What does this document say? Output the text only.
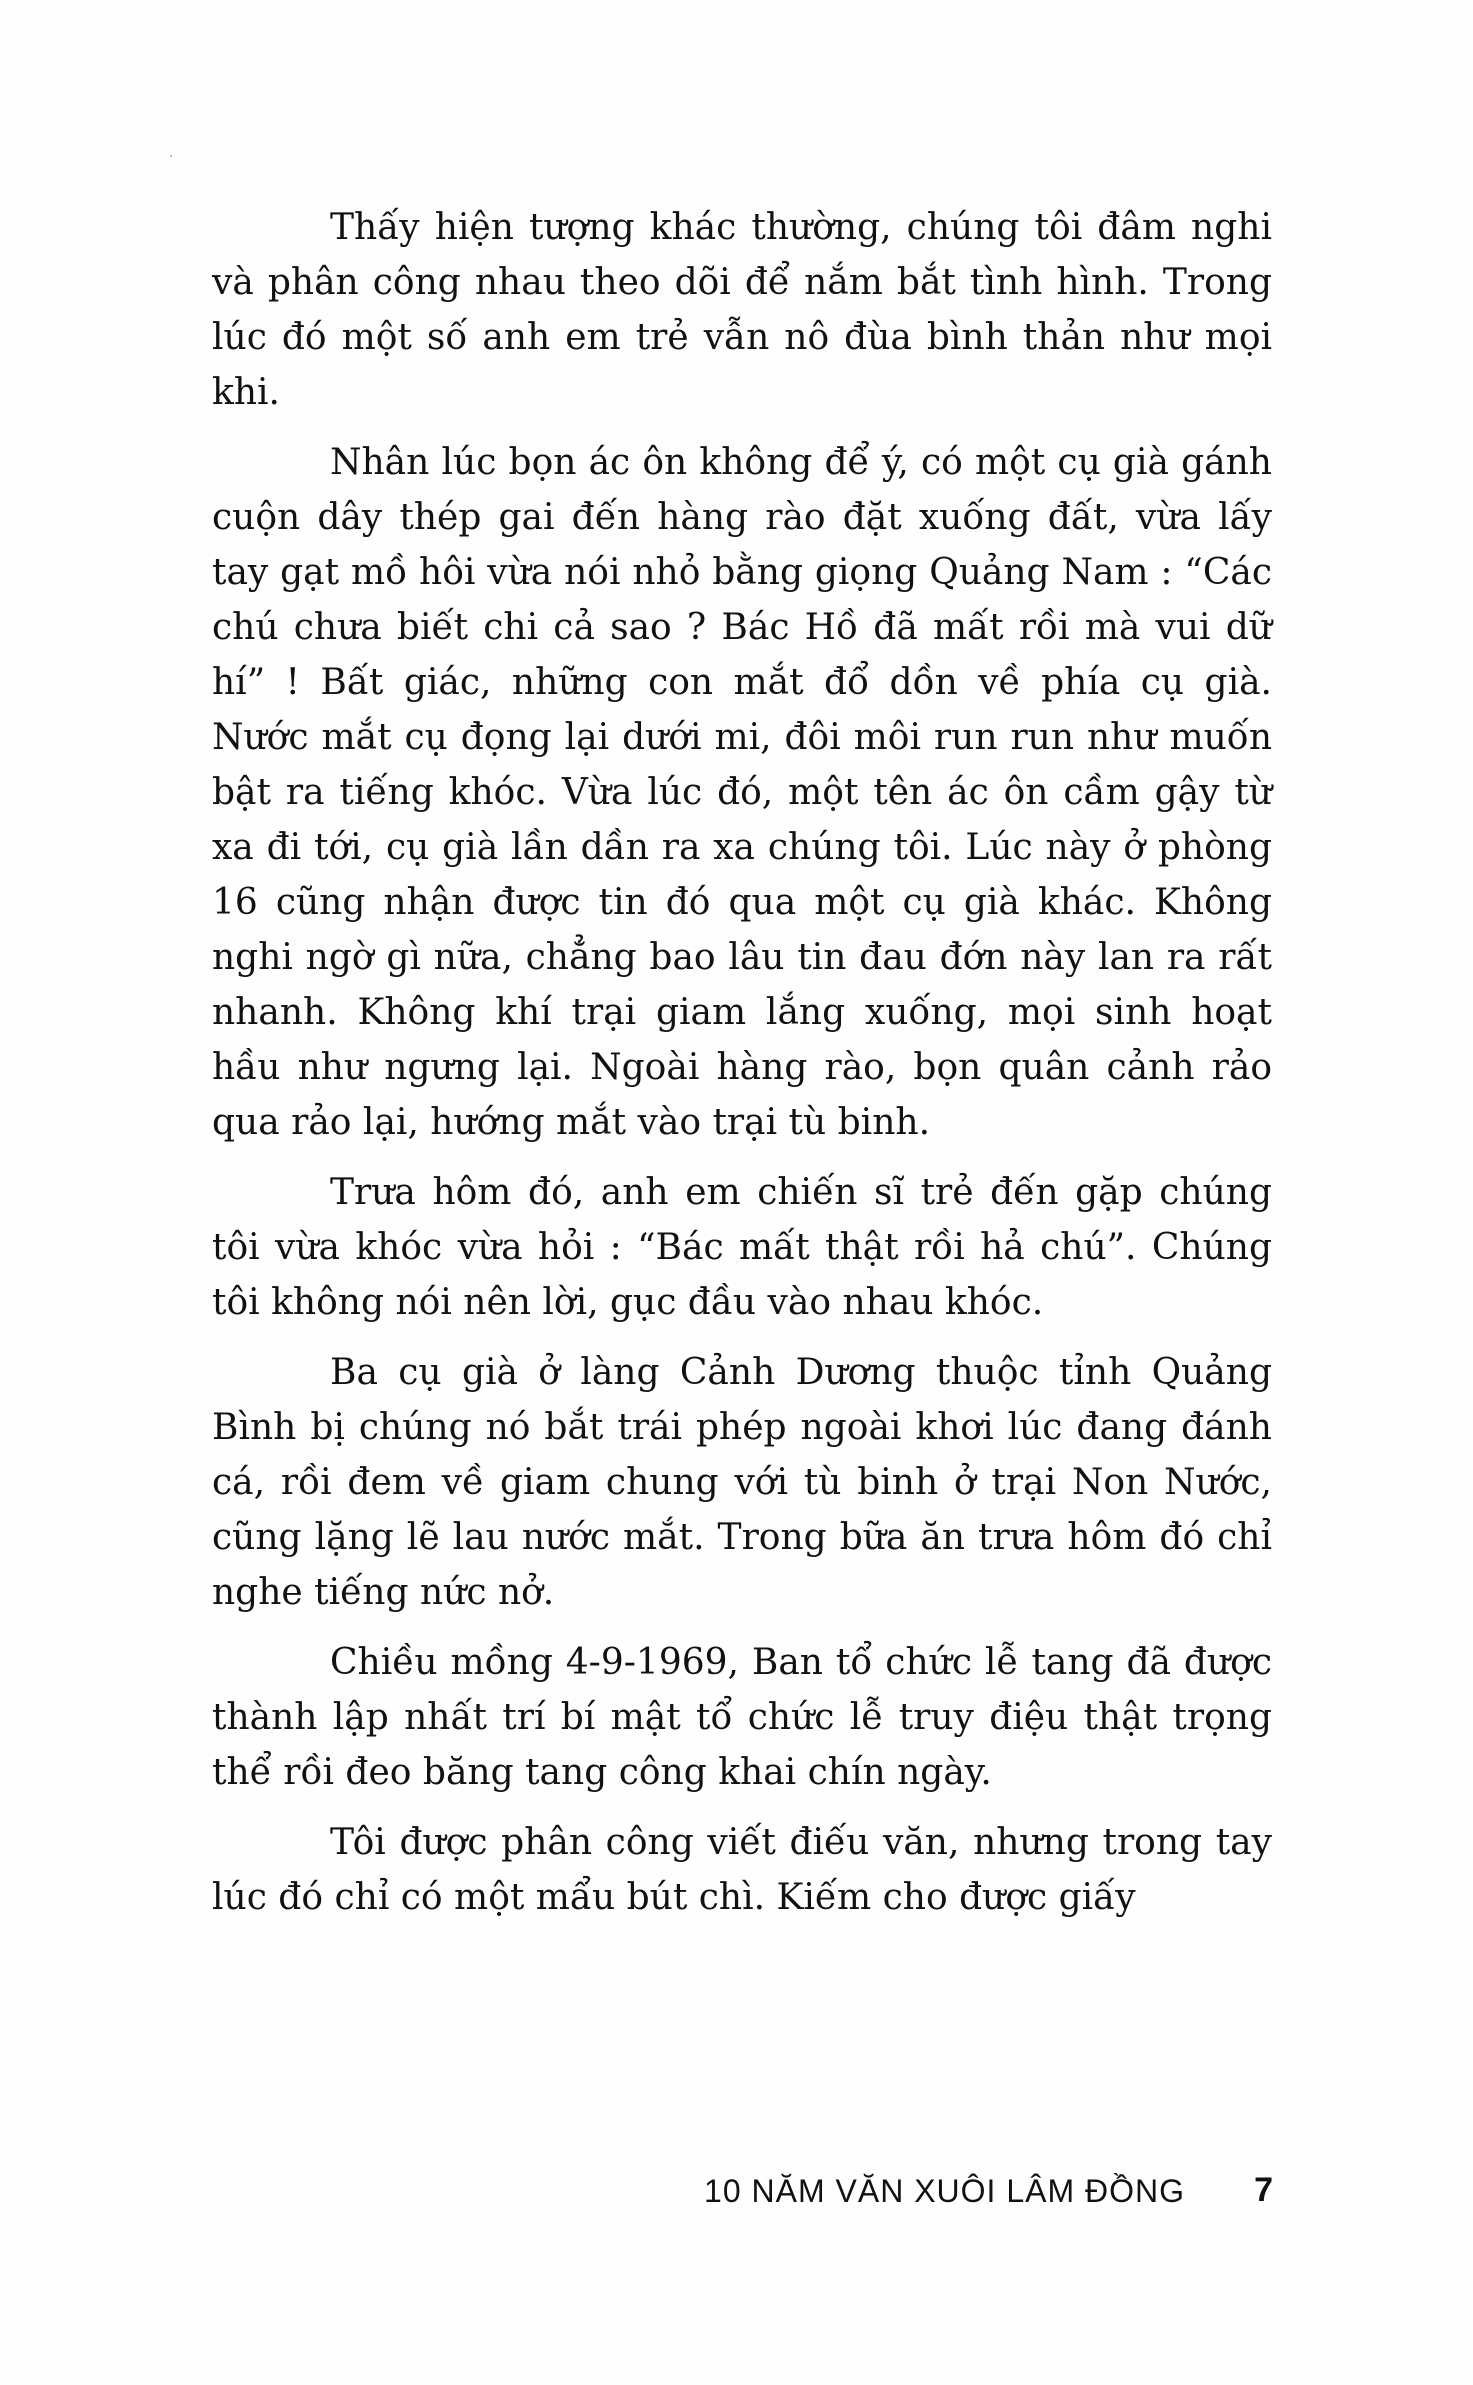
Thấy hiện tượng khác thường, chúng tôi đâm nghi và phân công nhau theo dõi để nắm bắt tình hình. Trong lúc đó một số anh em trẻ vẫn nô đùa bình thản như mọi khi.

Nhân lúc bọn ác ôn không để ý, có một cụ già gánh cuộn dây thép gai đến hàng rào đặt xuống đất, vừa lấy tay gạt mồ hôi vừa nói nhỏ bằng giọng Quảng Nam : “Các chú chưa biết chi cả sao ? Bác Hồ đã mất rồi mà vui dữ hí” ! Bất giác, những con mắt đổ dồn về phía cụ già. Nước mắt cụ đọng lại dưới mi, đôi môi run run như muốn bật ra tiếng khóc. Vừa lúc đó, một tên ác ôn cầm gậy từ xa đi tới, cụ già lần dần ra xa chúng tôi. Lúc này ở phòng 16 cũng nhận được tin đó qua một cụ già khác. Không nghi ngờ gì nữa, chẳng bao lâu tin đau đớn này lan ra rất nhanh. Không khí trại giam lắng xuống, mọi sinh hoạt hầu như ngưng lại. Ngoài hàng rào, bọn quân cảnh rảo qua rảo lại, hướng mắt vào trại tù binh.

Trưa hôm đó, anh em chiến sĩ trẻ đến gặp chúng tôi vừa khóc vừa hỏi : “Bác mất thật rồi hả chú”. Chúng tôi không nói nên lời, gục đầu vào nhau khóc.

Ba cụ già ở làng Cảnh Dương thuộc tỉnh Quảng Bình bị chúng nó bắt trái phép ngoài khơi lúc đang đánh cá, rồi đem về giam chung với tù binh ở trại Non Nước, cũng lặng lẽ lau nước mắt. Trong bữa ăn trưa hôm đó chỉ nghe tiếng nức nở.

Chiều mồng 4-9-1969, Ban tổ chức lễ tang đã được thành lập nhất trí bí mật tổ chức lễ truy điệu thật trọng thể rồi đeo băng tang công khai chín ngày.

Tôi được phân công viết điếu văn, nhưng trong tay lúc đó chỉ có một mẩu bút chì. Kiếm cho được giấy

10 NĂM VĂN XUÔI LÂM ĐỒNG 7
